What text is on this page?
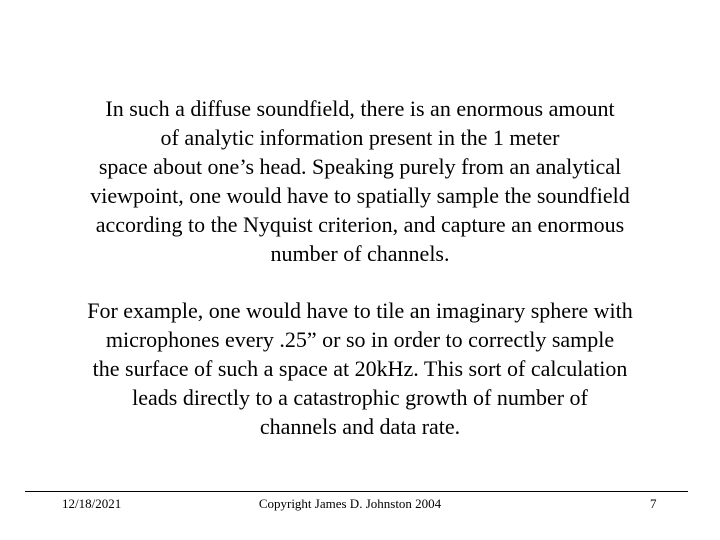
In such a diffuse soundfield, there is an enormous amount
of analytic information present in the 1 meter
space about one’s head. Speaking purely from an analytical
viewpoint, one would have to spatially sample the soundfield
according to the Nyquist criterion, and capture an enormous
number of channels.
For example, one would have to tile an imaginary sphere with
microphones every .25” or so in order to correctly sample
the surface of such a space at 20kHz. This sort of calculation
leads directly to a catastrophic growth of number of
channels and data rate.
12/18/2021	Copyright James D. Johnston 2004	7
